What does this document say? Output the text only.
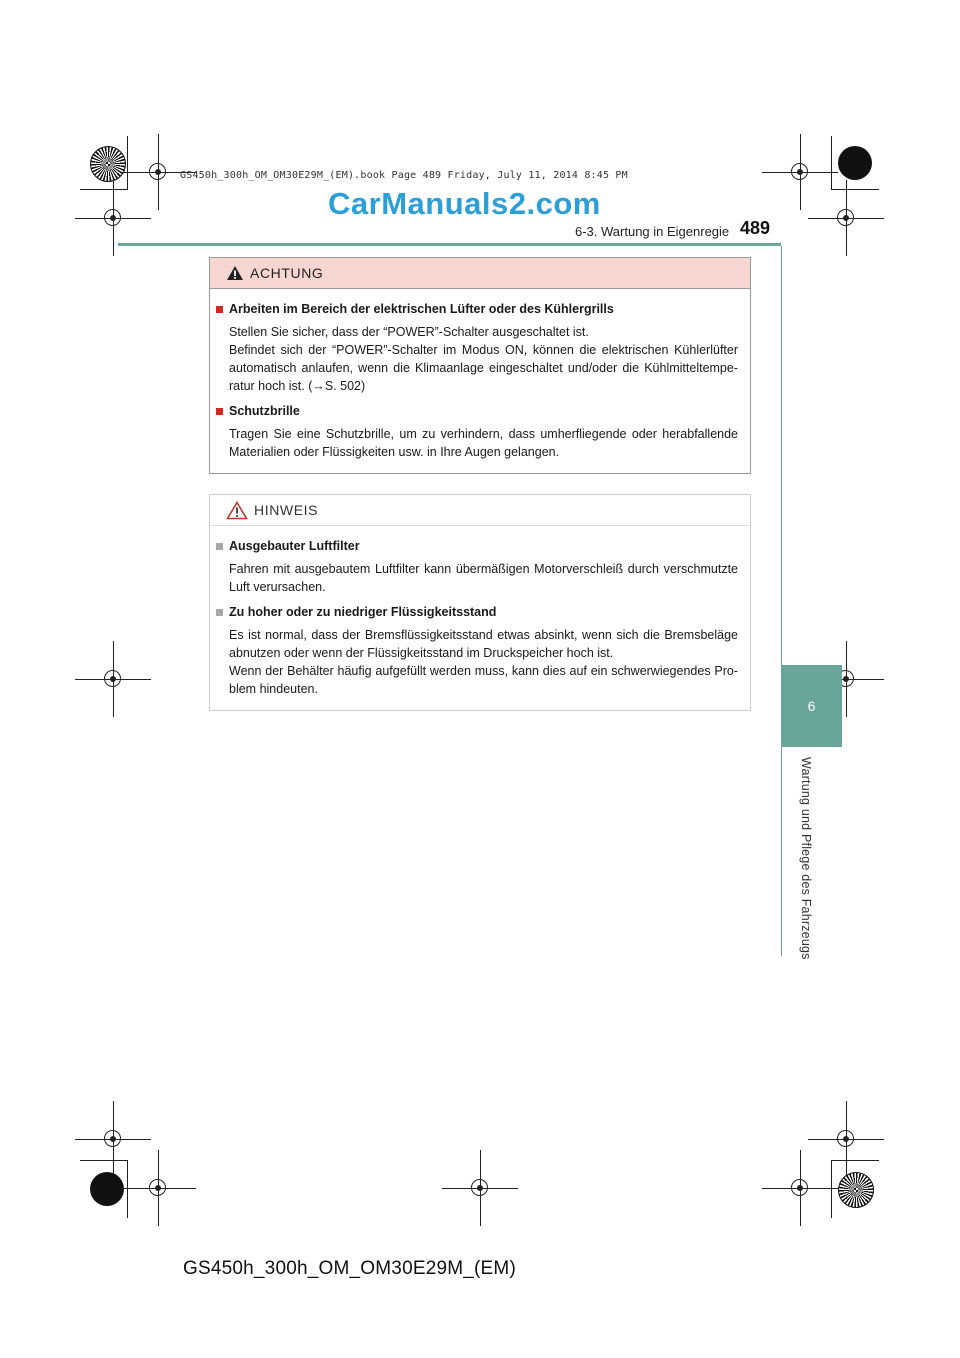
GS450h_300h_OM_OM30E29M_(EM).book Page 489 Friday, July 11, 2014 8:45 PM
CarManuals2.com
6-3. Wartung in Eigenregie 489
ACHTUNG
Arbeiten im Bereich der elektrischen Lüfter oder des Kühlergrills

Stellen Sie sicher, dass der “POWER”-Schalter ausgeschaltet ist.

Befindet sich der “POWER”-Schalter im Modus ON, können die elektrischen Kühlerlüfter automatisch anlaufen, wenn die Klimaanlage eingeschaltet und/oder die Kühlmitteltempe-ratur hoch ist. (→S. 502)

Schutzbrille

Tragen Sie eine Schutzbrille, um zu verhindern, dass umherfliegende oder herabfallende Materialien oder Flüssigkeiten usw. in Ihre Augen gelangen.

HINWEIS
Ausgebauter Luftfilter

Fahren mit ausgebautem Luftfilter kann übermäßigen Motorverschleiß durch verschmutzte Luft verursachen.

Zu hoher oder zu niedriger Flüssigkeitsstand

Es ist normal, dass der Bremsflüssigkeitsstand etwas absinkt, wenn sich die Bremsbeläge abnutzen oder wenn der Flüssigkeitsstand im Druckspeicher hoch ist.

Wenn der Behälter häufig aufgefüllt werden muss, kann dies auf ein schwerwiegendes Pro-blem hindeuten.

6
Wartung und Pflege des Fahrzeugs
GS450h_300h_OM_OM30E29M_(EM)
